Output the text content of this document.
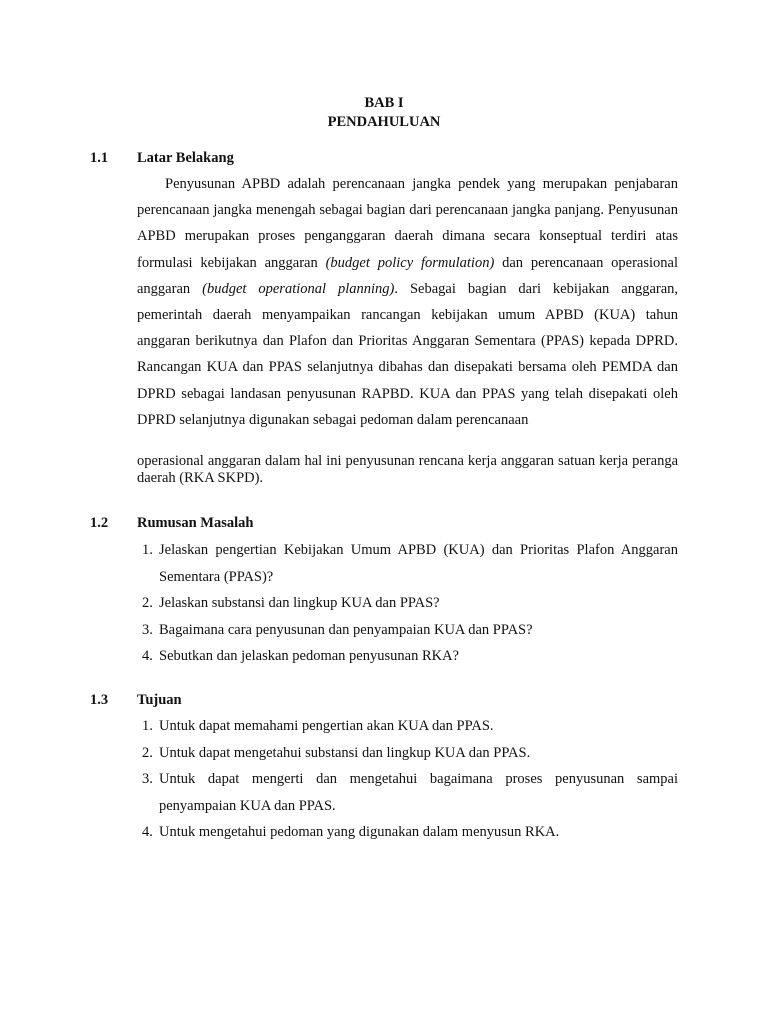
BAB I
PENDAHULUAN
1.1 Latar Belakang

Penyusunan APBD adalah perencanaan jangka pendek yang merupakan penjabaran perencanaan jangka menengah sebagai bagian dari perencanaan jangka panjang. Penyusunan APBD merupakan proses penganggaran daerah dimana secara konseptual terdiri atas formulasi kebijakan anggaran (budget policy formulation) dan perencanaan operasional anggaran (budget operational planning). Sebagai bagian dari kebijakan anggaran, pemerintah daerah menyampaikan rancangan kebijakan umum APBD (KUA) tahun anggaran berikutnya dan Plafon dan Prioritas Anggaran Sementara (PPAS) kepada DPRD. Rancangan KUA dan PPAS selanjutnya dibahas dan disepakati bersama oleh PEMDA dan DPRD sebagai landasan penyusunan RAPBD. KUA dan PPAS yang telah disepakati oleh DPRD selanjutnya digunakan sebagai pedoman dalam perencanaan

operasional anggaran dalam hal ini penyusunan rencana kerja anggaran satuan kerja peranga daerah (RKA SKPD).

1.2 Rumusan Masalah
1. Jelaskan pengertian Kebijakan Umum APBD (KUA) dan Prioritas Plafon Anggaran Sementara (PPAS)?
2. Jelaskan substansi dan lingkup KUA dan PPAS?
3. Bagaimana cara penyusunan dan penyampaian KUA dan PPAS?
4. Sebutkan dan jelaskan pedoman penyusunan RKA?
1.3 Tujuan
1. Untuk dapat memahami pengertian akan KUA dan PPAS.
2. Untuk dapat mengetahui substansi dan lingkup KUA dan PPAS.
3. Untuk dapat mengerti dan mengetahui bagaimana proses penyusunan sampai penyampaian KUA dan PPAS.
4. Untuk mengetahui pedoman yang digunakan dalam menyusun RKA.
